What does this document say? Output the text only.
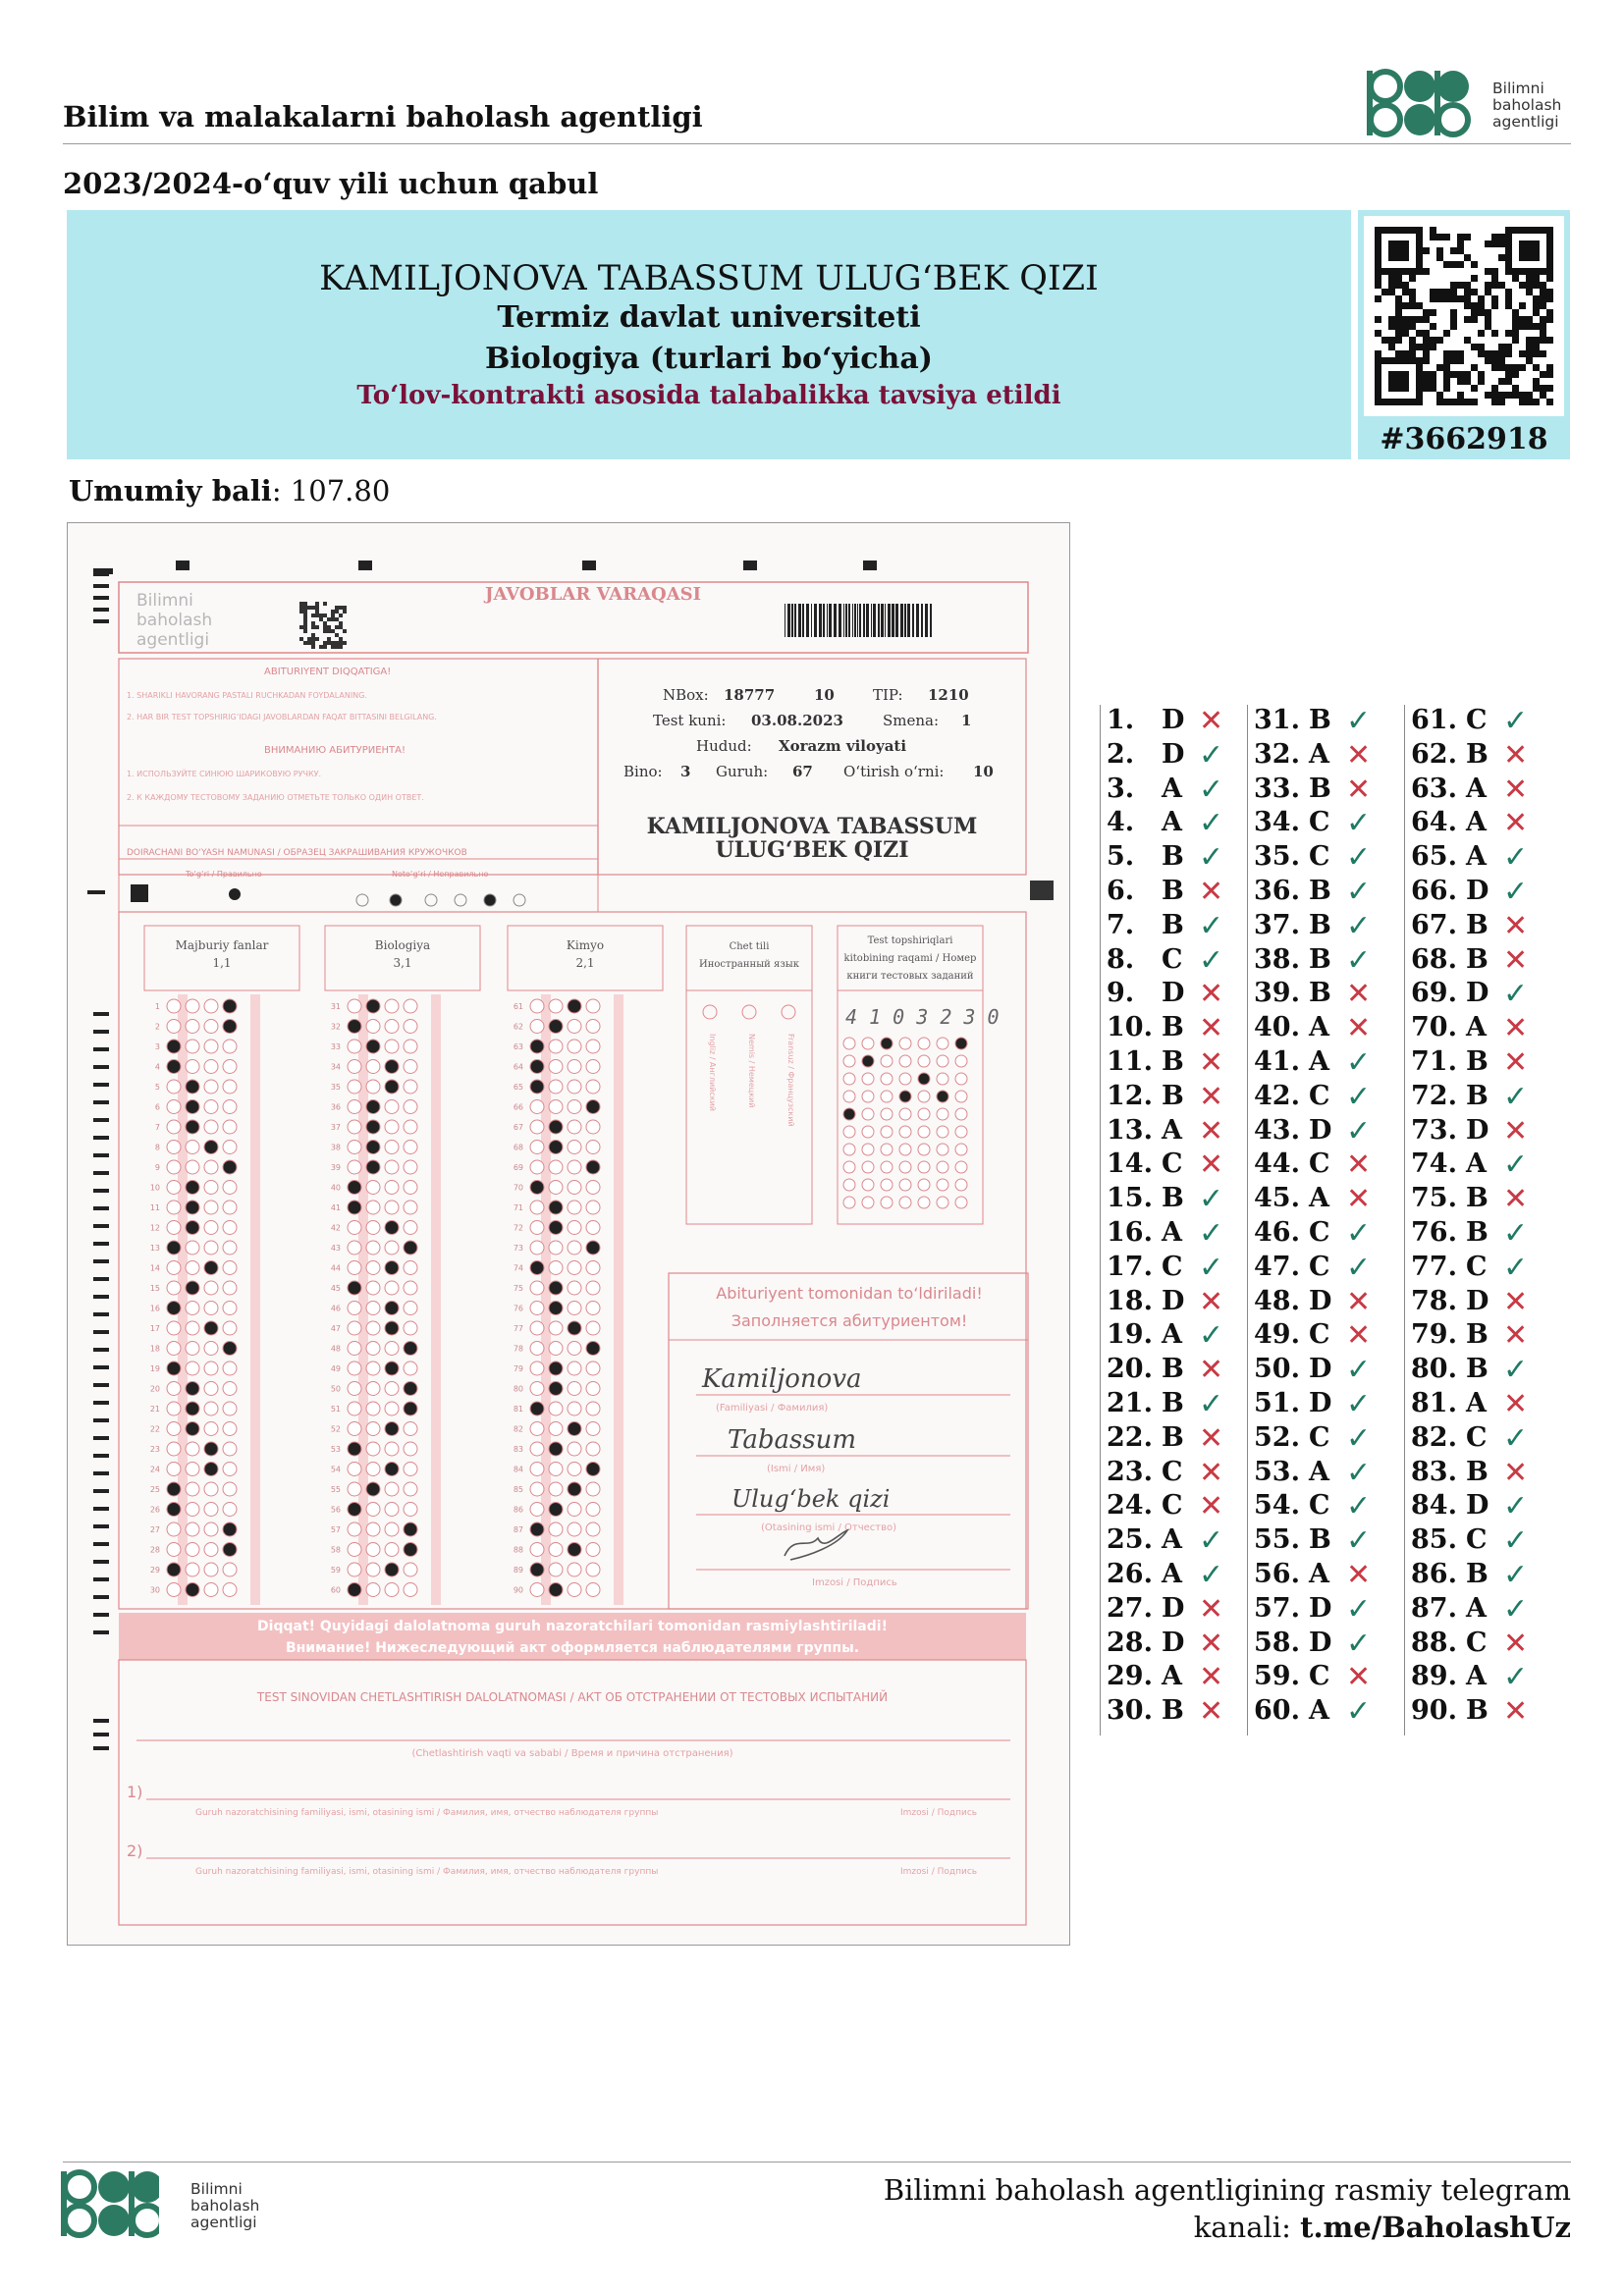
Bilim va malakalarni baholash agentligi
Bilimni
baholash
agentligi
2023/2024-o‘quv yili uchun qabul
KAMILJONOVA TABASSUM ULUG‘BEK QIZI
Termiz davlat universiteti
Biologiya (turlari bo‘yicha)
To‘lov-kontrakti asosida talabalikka tavsiya etildi
#3662918
Umumiy bali: 107.80
Bilimni
baholash
agentligi
JAVOBLAR VARAQASI
ABITURIYENT DIQQATIGA!
1. SHARIKLI HAVORANG PASTALI RUCHKADAN FOYDALANING.
2. HAR BIR TEST TOPSHIRIG‘IDAGI JAVOBLARDAN FAQAT BITTASINI BELGILANG.
ВНИМАНИЮ АБИТУРИЕНТА!
1. ИСПОЛЬЗУЙТЕ СИНЮЮ ШАРИКОВУЮ РУЧКУ.
2. К КАЖДОМУ ТЕСТОВОМУ ЗАДАНИЮ ОТМЕТЬТЕ ТОЛЬКО ОДИН ОТВЕТ.
DOIRACHANI BO‘YASH NAMUNASI / ОБРАЗЕЦ ЗАКРАШИВАНИЯ КРУЖОЧКОВ
To‘g‘ri / Правильно	Noto‘g‘ri / Неправильно
NBox: 18777	10	TIP: 1210
Test kuni: 03.08.2023	Smena: 1
Hudud: Xorazm viloyati
Bino: 3 Guruh: 67 O‘tirish o‘rni: 10
KAMILJONOVA TABASSUM
ULUG‘BEK QIZI
Majburiy fanlar
1,1
Biologiya
3,1
Kimyo
2,1
Chet tili
Иностранный язык
Test topshiriqlari
kitobining raqami / Номер
книги тестовых заданий
1
2
3
4
5
6
7
8
9
10
11
12
13
14
15
16
17
18
19
20
21
22
23
24
25
26
27
28
29
30
31
32
33
34
35
36
37
38
39
40
41
42
43
44
45
46
47
48
49
50
51
52
53
54
55
56
57
58
59
60
61
62
63
64
65
66
67
68
69
70
71
72
73
74
75
76
77
78
79
80
81
82
83
84
85
86
87
88
89
90
Ingliz / Английский	Nemis / Немецкий	Fransuz / Французский
4 1 0 3 2 3 0
Abituriyent tomonidan to‘ldiriladi!
Заполняется абитуриентом!
Kamiljonova
(Familiyasi / Фамилия)
Tabassum
(Ismi / Имя)
Ulug‘bek qizi
(Otasining ismi / Отчество)
Imzosi / Подпись
Diqqat! Quyidagi dalolatnoma guruh nazoratchilari tomonidan rasmiylashtiriladi!
Внимание! Нижеследующий акт оформляется наблюдателями группы.
TEST SINOVIDAN CHETLASHTIRISH DALOLATNOMASI / АКТ ОБ ОТСТРАНЕНИИ ОТ ТЕСТОВЫХ ИСПЫТАНИЙ
(Chetlashtirish vaqti va sababi / Время и причина отстранения)
1)
Guruh nazoratchisining familiyasi, ismi, otasining ismi / Фамилия, имя, отчество наблюдателя группы	Imzosi / Подпись
2)
Guruh nazoratchisining familiyasi, ismi, otasining ismi / Фамилия, имя, отчество наблюдателя группы	Imzosi / Подпись
1. D ✕
2. D ✓
3. A ✓
4. A ✓
5. B ✓
6. B ✕
7. B ✓
8. C ✓
9. D ✕
10. B ✕
11. B ✕
12. B ✕
13. A ✕
14. C ✕
15. B ✓
16. A ✓
17. C ✓
18. D ✕
19. A ✓
20. B ✕
21. B ✓
22. B ✕
23. C ✕
24. C ✕
25. A ✓
26. A ✓
27. D ✕
28. D ✕
29. A ✕
30. B ✕
31. B ✓
32. A ✕
33. B ✕
34. C ✓
35. C ✓
36. B ✓
37. B ✓
38. B ✓
39. B ✕
40. A ✕
41. A ✓
42. C ✓
43. D ✓
44. C ✕
45. A ✕
46. C ✓
47. C ✓
48. D ✕
49. C ✕
50. D ✓
51. D ✓
52. C ✓
53. A ✓
54. C ✓
55. B ✓
56. A ✕
57. D ✓
58. D ✓
59. C ✕
60. A ✓
61. C ✓
62. B ✕
63. A ✕
64. A ✕
65. A ✓
66. D ✓
67. B ✕
68. B ✕
69. D ✓
70. A ✕
71. B ✕
72. B ✓
73. D ✕
74. A ✓
75. B ✕
76. B ✓
77. C ✓
78. D ✕
79. B ✕
80. B ✓
81. A ✕
82. C ✓
83. B ✕
84. D ✓
85. C ✓
86. B ✓
87. A ✓
88. C ✕
89. A ✓
90. B ✕
Bilimni
baholash
agentligi
Bilimni baholash agentligining rasmiy telegram
kanali: t.me/BaholashUz
